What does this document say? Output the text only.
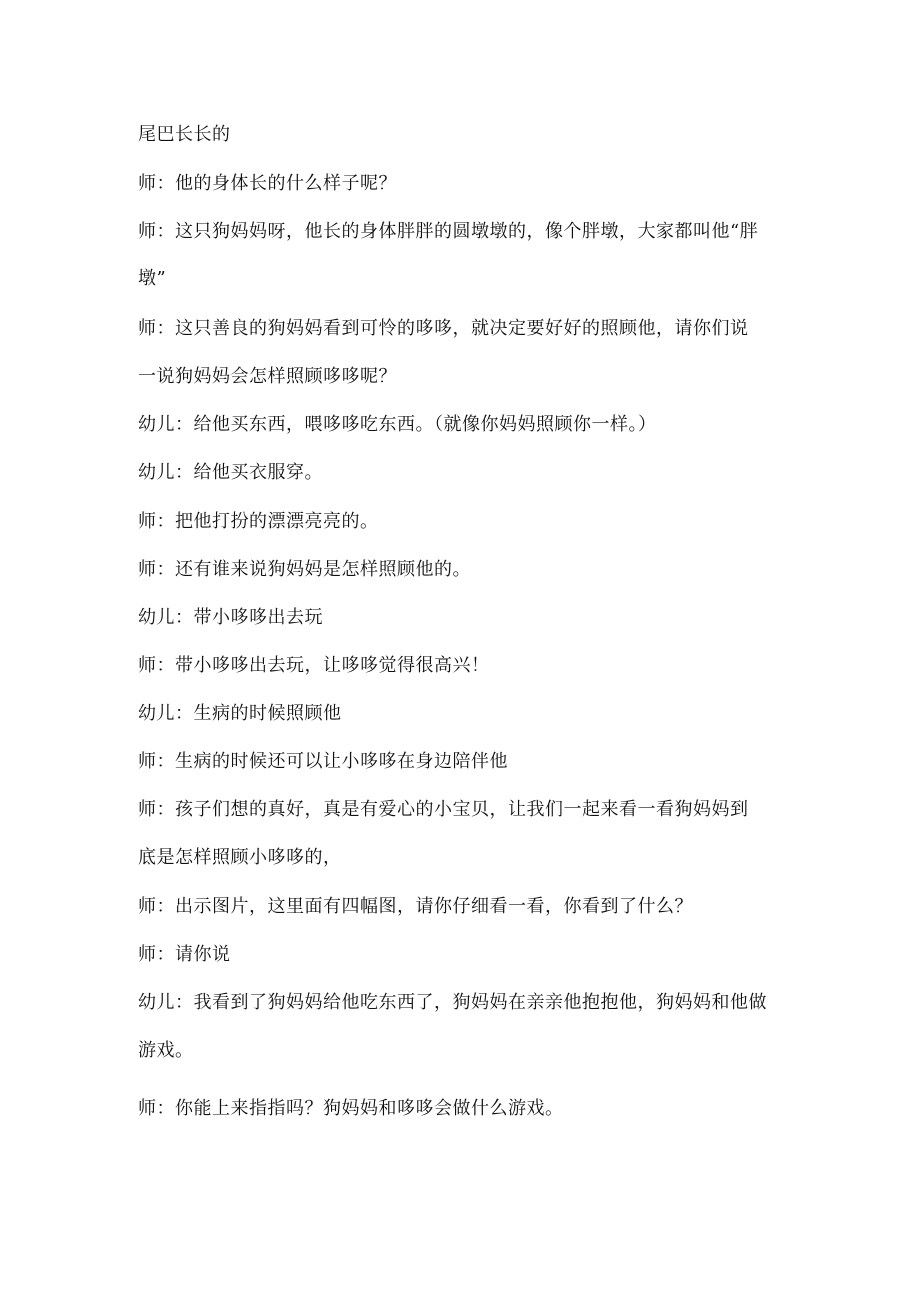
尾巴长长的
师：他的身体长的什么样子呢？
师：这只狗妈妈呀，他长的身体胖胖的圆墩墩的，像个胖墩，大家都叫他“胖
墩”
师：这只善良的狗妈妈看到可怜的哆哆，就决定要好好的照顾他，请你们说
一说狗妈妈会怎样照顾哆哆呢？
幼儿：给他买东西，喂哆哆吃东西。（就像你妈妈照顾你一样。）
幼儿：给他买衣服穿。
师：把他打扮的漂漂亮亮的。
师：还有谁来说狗妈妈是怎样照顾他的。
幼儿：带小哆哆出去玩
师：带小哆哆出去玩，让哆哆觉得很高兴！
幼儿：生病的时候照顾他
师：生病的时候还可以让小哆哆在身边陪伴他
师：孩子们想的真好，真是有爱心的小宝贝，让我们一起来看一看狗妈妈到
底是怎样照顾小哆哆的，
师：出示图片，这里面有四幅图，请你仔细看一看，你看到了什么？
师：请你说
幼儿：我看到了狗妈妈给他吃东西了，狗妈妈在亲亲他抱抱他，狗妈妈和他做
游戏。
师：你能上来指指吗？狗妈妈和哆哆会做什么游戏。
